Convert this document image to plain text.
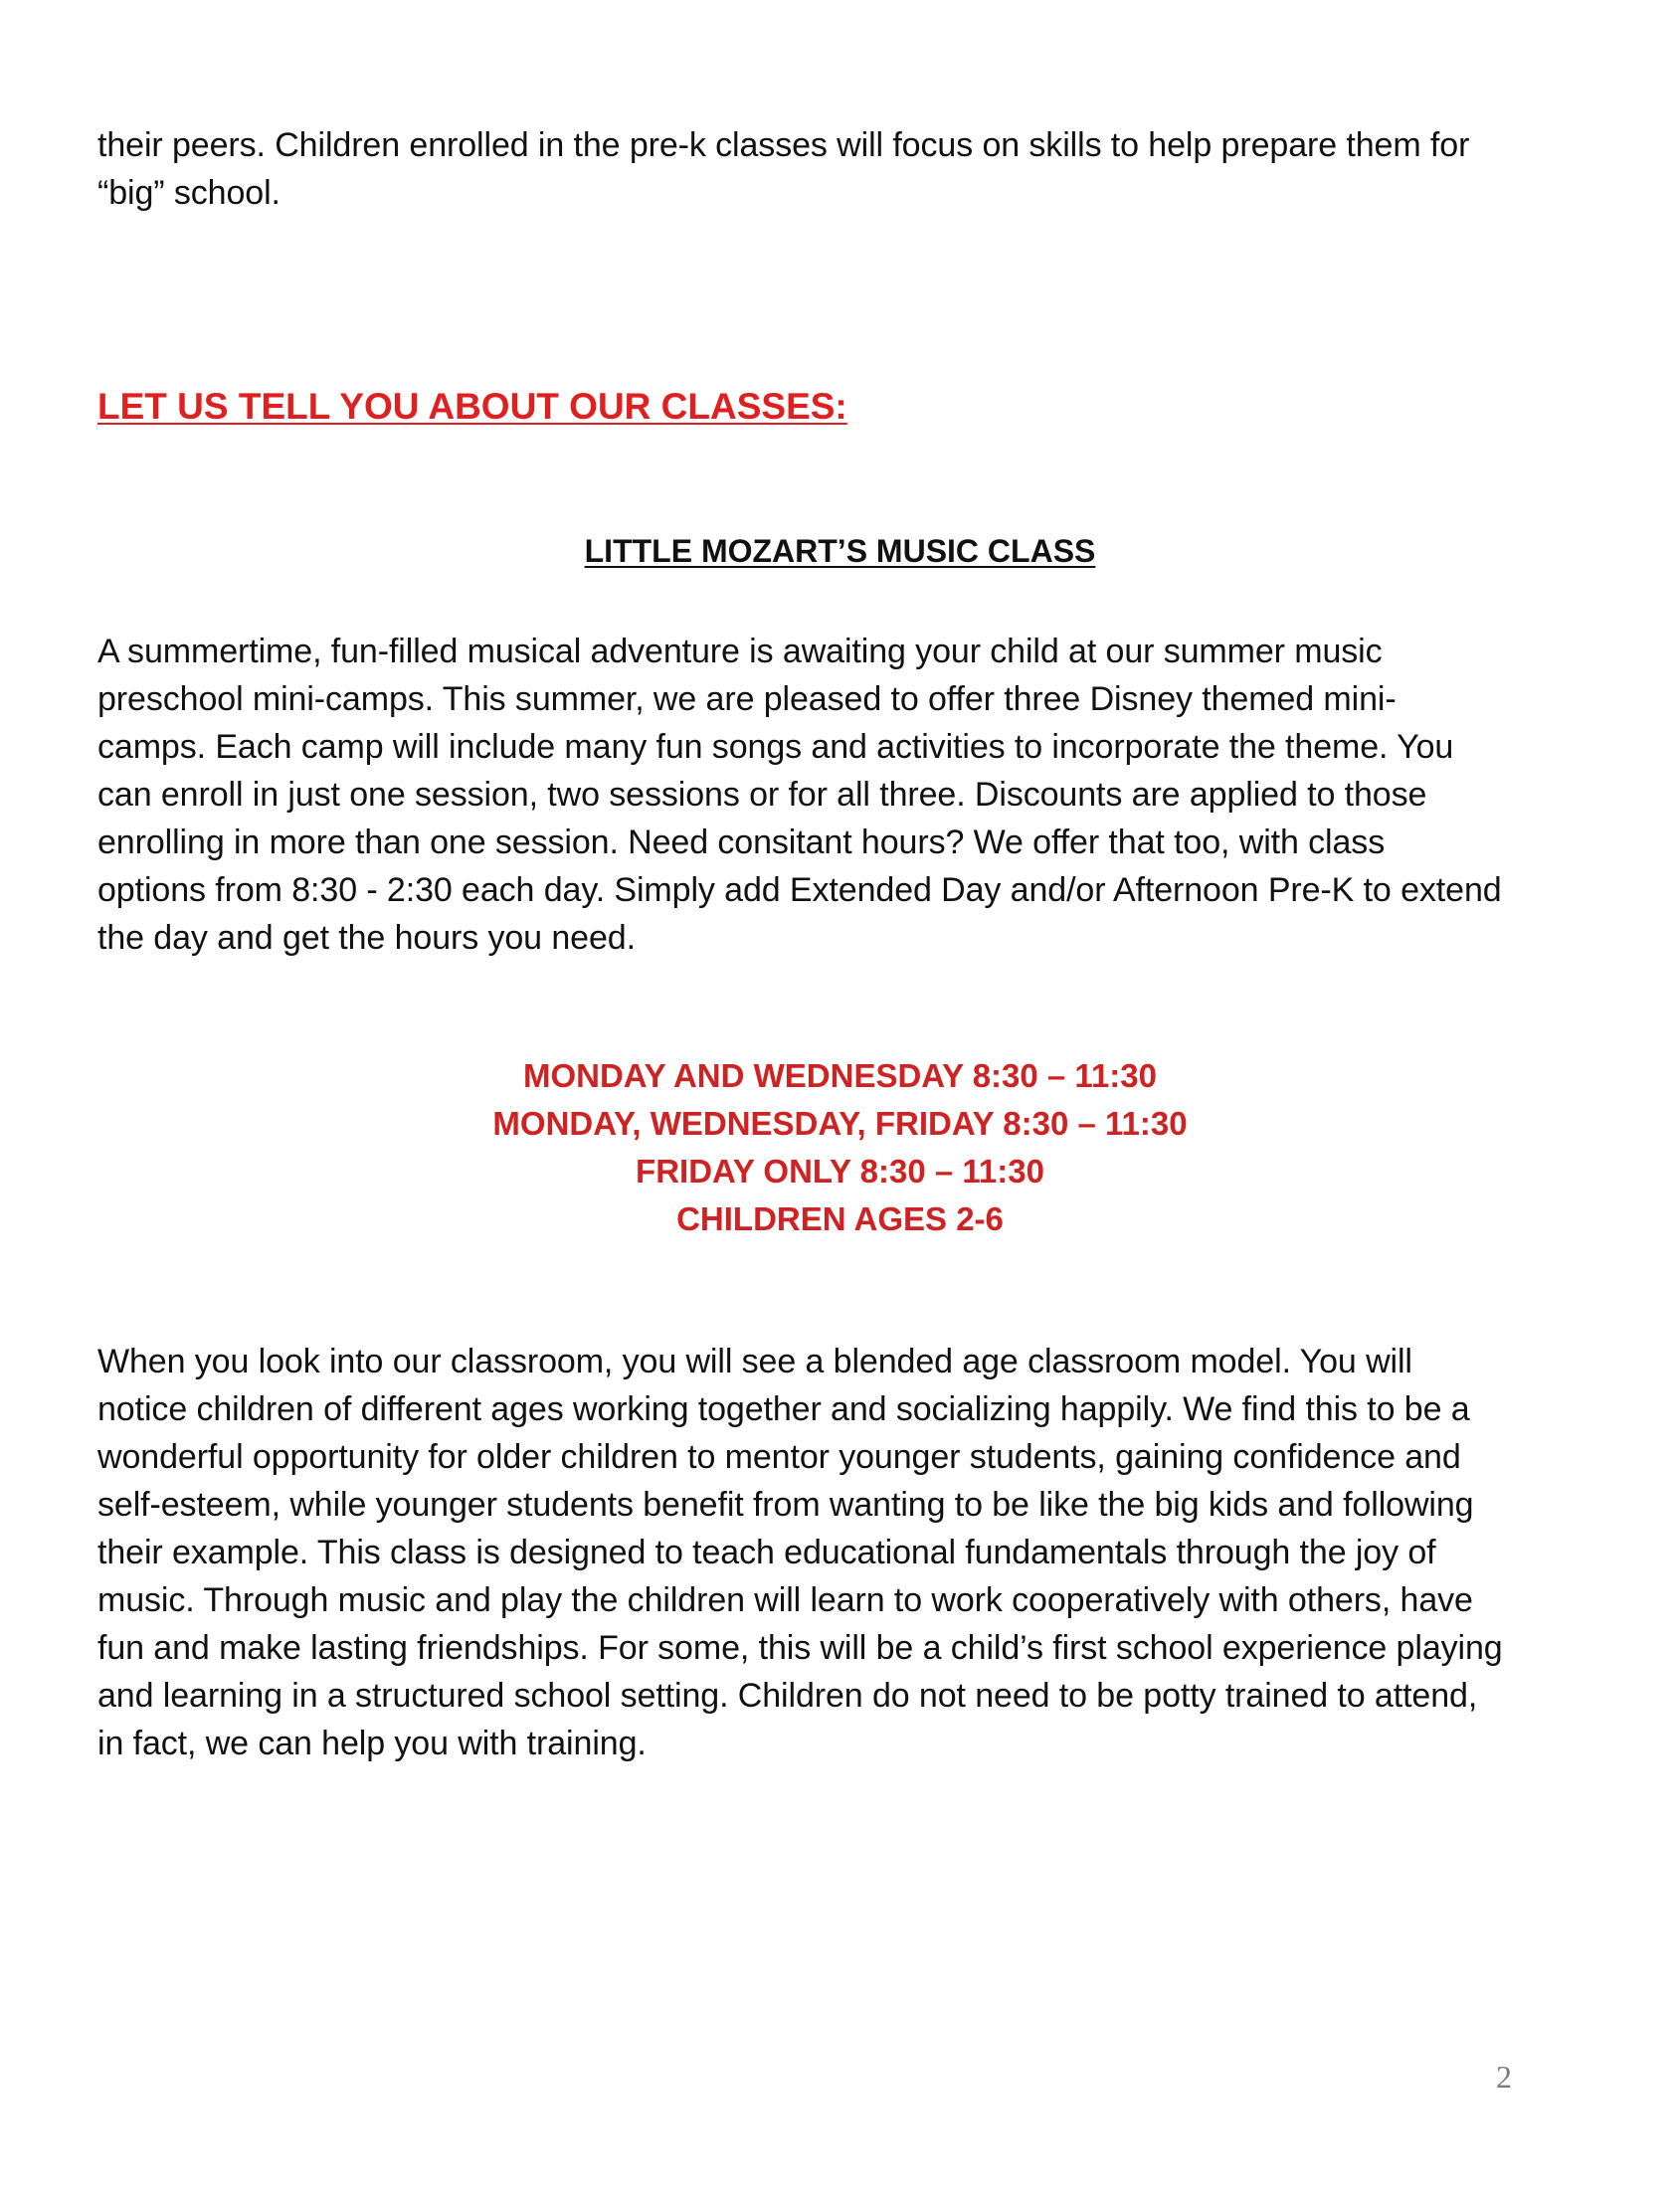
their peers. Children enrolled in the pre-k classes will focus on skills to help prepare them for
“big” school.

LET US TELL YOU ABOUT OUR CLASSES:
LITTLE MOZART’S MUSIC CLASS

A summertime, fun-filled musical adventure is awaiting your child at our summer music
preschool mini-camps. This summer, we are pleased to offer three Disney themed mini-
camps. Each camp will include many fun songs and activities to incorporate the theme. You
can enroll in just one session, two sessions or for all three. Discounts are applied to those
enrolling in more than one session. Need consitant hours? We offer that too, with class
options from 8:30 - 2:30 each day. Simply add Extended Day and/or Afternoon Pre-K to extend
the day and get the hours you need.

MONDAY AND WEDNESDAY 8:30 – 11:30
MONDAY, WEDNESDAY, FRIDAY 8:30 – 11:30
FRIDAY ONLY 8:30 – 11:30
CHILDREN AGES 2-6

When you look into our classroom, you will see a blended age classroom model. You will
notice children of different ages working together and socializing happily. We find this to be a
wonderful opportunity for older children to mentor younger students, gaining confidence and
self-esteem, while younger students benefit from wanting to be like the big kids and following
their example. This class is designed to teach educational fundamentals through the joy of
music. Through music and play the children will learn to work cooperatively with others, have
fun and make lasting friendships. For some, this will be a child’s first school experience playing
and learning in a structured school setting. Children do not need to be potty trained to attend,
in fact, we can help you with training.

2
